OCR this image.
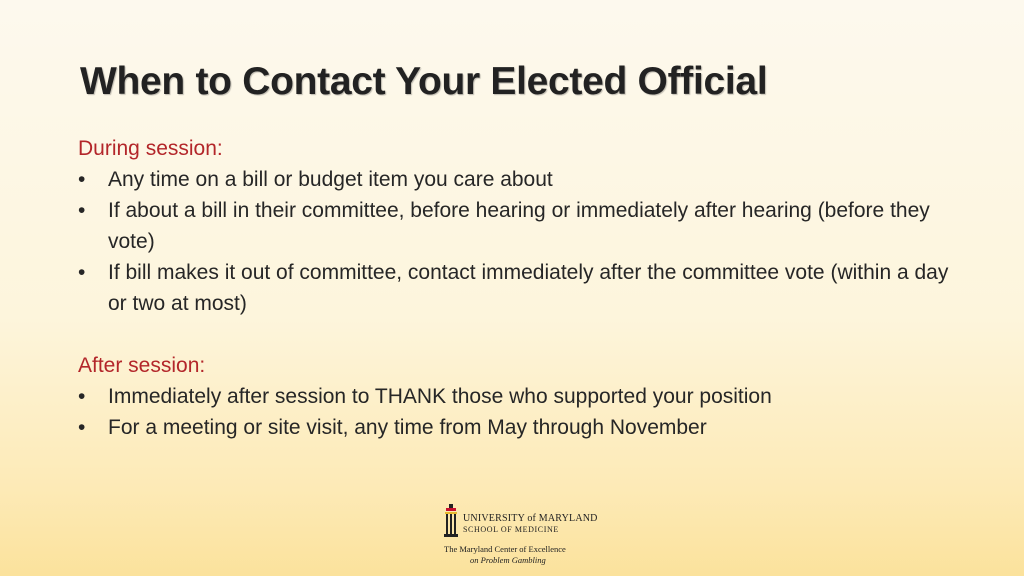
When to Contact Your Elected Official
During session:
• Any time on a bill or budget item you care about
• If about a bill in their committee, before hearing or immediately after hearing (before they vote)
• If bill makes it out of committee, contact immediately after the committee vote (within a day or two at most)
After session:
• Immediately after session to THANK those who supported your position
• For a meeting or site visit, any time from May through November
UNIVERSITY of MARYLAND
SCHOOL OF MEDICINE
The Maryland Center of Excellence
on Problem Gambling
